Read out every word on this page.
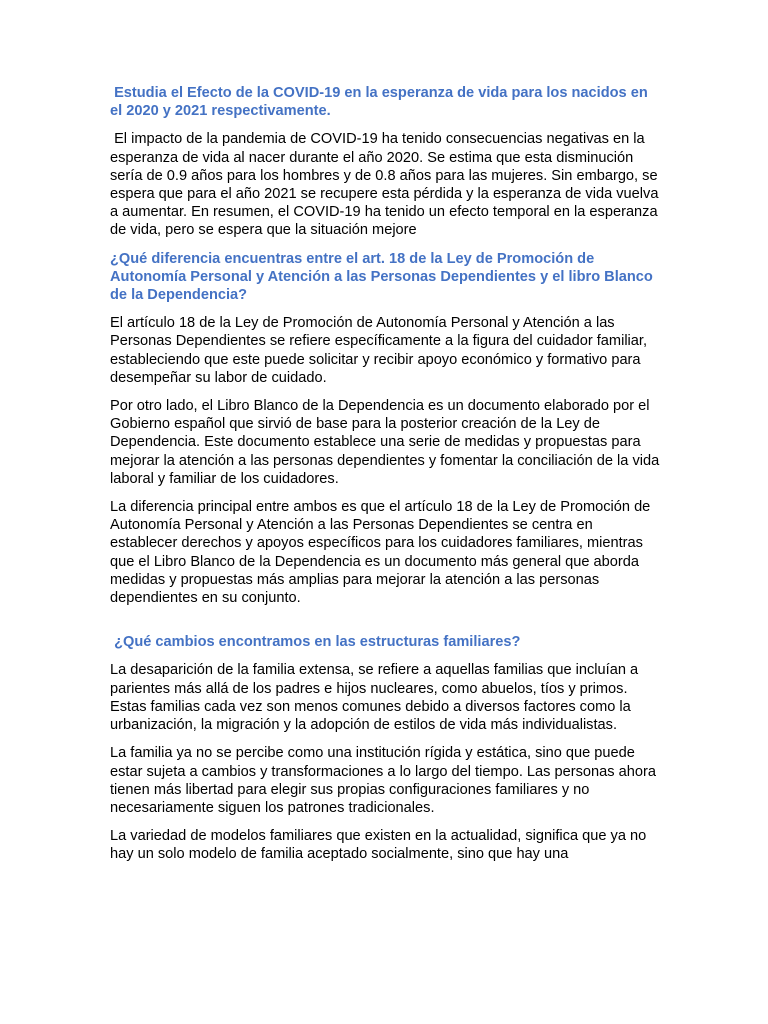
Estudia el Efecto de la COVID-19 en la esperanza de vida para los nacidos en el 2020 y 2021 respectivamente.
El impacto de la pandemia de COVID-19 ha tenido consecuencias negativas en la esperanza de vida al nacer durante el año 2020. Se estima que esta disminución sería de 0.9 años para los hombres y de 0.8 años para las mujeres. Sin embargo, se espera que para el año 2021 se recupere esta pérdida y la esperanza de vida vuelva a aumentar. En resumen, el COVID-19 ha tenido un efecto temporal en la esperanza de vida, pero se espera que la situación mejore
¿Qué diferencia encuentras entre el art. 18 de la Ley de Promoción de Autonomía Personal y Atención a las Personas Dependientes y el libro Blanco de la Dependencia?
El artículo 18 de la Ley de Promoción de Autonomía Personal y Atención a las Personas Dependientes se refiere específicamente a la figura del cuidador familiar, estableciendo que este puede solicitar y recibir apoyo económico y formativo para desempeñar su labor de cuidado.
Por otro lado, el Libro Blanco de la Dependencia es un documento elaborado por el Gobierno español que sirvió de base para la posterior creación de la Ley de Dependencia. Este documento establece una serie de medidas y propuestas para mejorar la atención a las personas dependientes y fomentar la conciliación de la vida laboral y familiar de los cuidadores.
La diferencia principal entre ambos es que el artículo 18 de la Ley de Promoción de Autonomía Personal y Atención a las Personas Dependientes se centra en establecer derechos y apoyos específicos para los cuidadores familiares, mientras que el Libro Blanco de la Dependencia es un documento más general que aborda medidas y propuestas más amplias para mejorar la atención a las personas dependientes en su conjunto.
¿Qué cambios encontramos en las estructuras familiares?
La desaparición de la familia extensa, se refiere a aquellas familias que incluían a parientes más allá de los padres e hijos nucleares, como abuelos, tíos y primos. Estas familias cada vez son menos comunes debido a diversos factores como la urbanización, la migración y la adopción de estilos de vida más individualistas.
La familia ya no se percibe como una institución rígida y estática, sino que puede estar sujeta a cambios y transformaciones a lo largo del tiempo. Las personas ahora tienen más libertad para elegir sus propias configuraciones familiares y no necesariamente siguen los patrones tradicionales.
La variedad de modelos familiares que existen en la actualidad, significa que ya no hay un solo modelo de familia aceptado socialmente, sino que hay una
